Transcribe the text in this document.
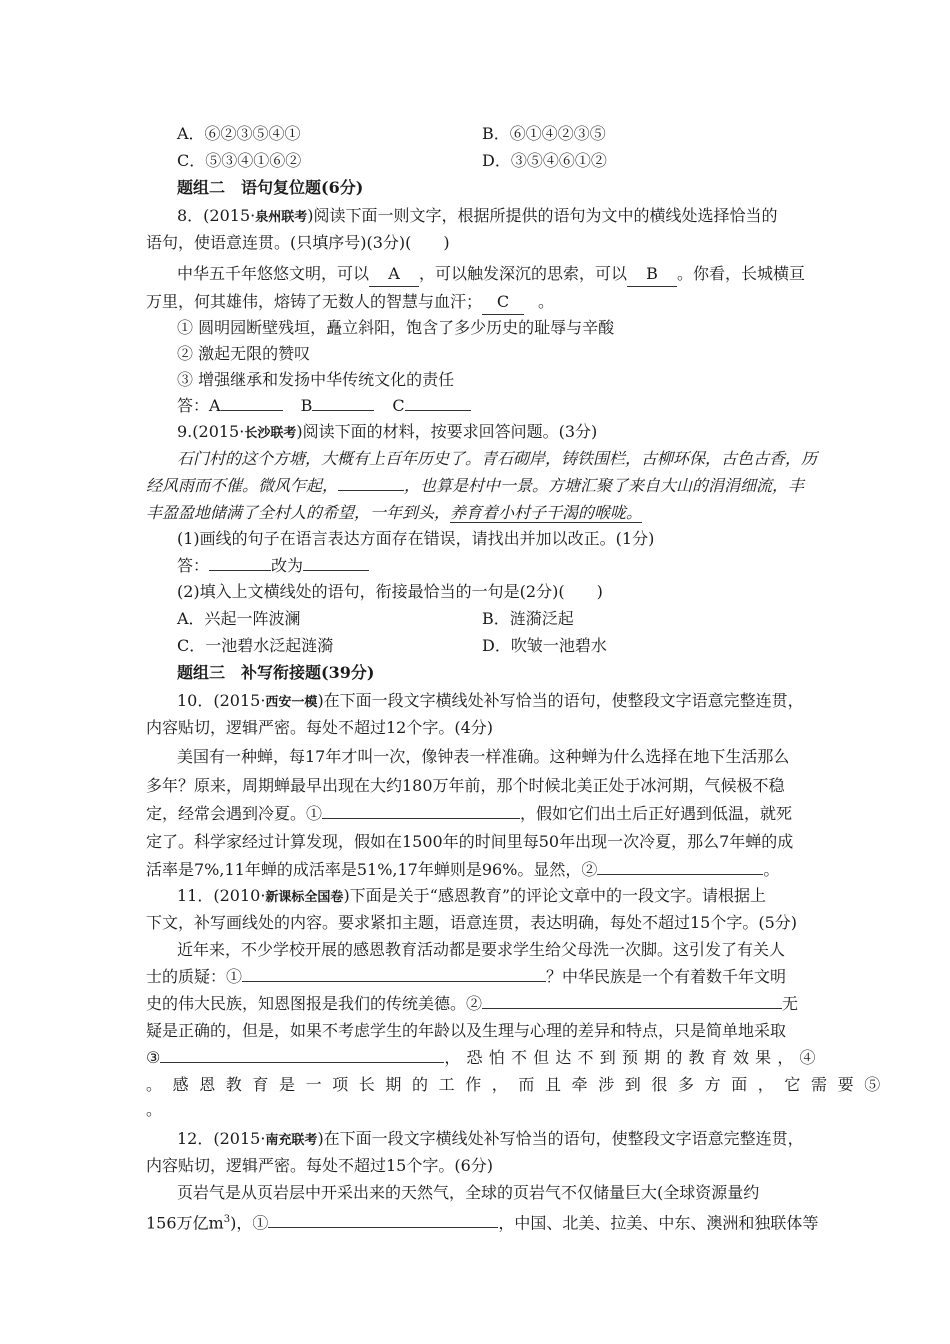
A．⑥②③⑤④①	B．⑥①④②③⑤
C．⑤③④①⑥②	D．③⑤④⑥①②
题组二　语句复位题(6分)
8．(2015·泉州联考)阅读下面一则文字，根据所提供的语句为文中的横线处选择恰当的
语句，使语意连贯。(只填序号)(3分)(　　)
中华五千年悠悠文明，可以 A ，可以触发深沉的思索，可以 B 。你看，长城横亘
万里，何其雄伟，熔铸了无数人的智慧与血汗； C 。
① 圆明园断壁残垣，矗立斜阳，饱含了多少历史的耻辱与辛酸
② 激起无限的赞叹
③ 增强继承和发扬中华传统文化的责任
答：A	B	C
9.(2015·长沙联考)阅读下面的材料，按要求回答问题。(3分)
石门村的这个方塘，大概有上百年历史了。青石砌岸，铸铁围栏，古柳环保，古色古香，历
经风雨而不催。微风乍起，	，也算是村中一景。方塘汇聚了来自大山的涓涓细流，丰
丰盈盈地储满了全村人的希望，一年到头，养育着小村子干渴的喉咙。
(1)画线的句子在语言表达方面存在错误，请找出并加以改正。(1分)
答：	改为
(2)填入上文横线处的语句，衔接最恰当的一句是(2分)(　　)
A．兴起一阵波澜	B．涟漪泛起
C．一池碧水泛起涟漪	D．吹皱一池碧水
题组三　补写衔接题(39分)
10．(2015·西安一模)在下面一段文字横线处补写恰当的语句，使整段文字语意完整连贯，
内容贴切，逻辑严密。每处不超过12个字。(4分)
美国有一种蝉，每17年才叫一次，像钟表一样准确。这种蝉为什么选择在地下生活那么
多年？原来，周期蝉最早出现在大约180万年前，那个时候北美正处于冰河期，气候极不稳
定，经常会遇到冷夏。①	，假如它们出土后正好遇到低温，就死
定了。科学家经过计算发现，假如在1500年的时间里每50年出现一次冷夏，那么7年蝉的成
活率是7%,11年蝉的成活率是51%,17年蝉则是96%。显然，②	。
11．(2010·新课标全国卷)下面是关于“感恩教育”的评论文章中的一段文字。请根据上
下文，补写画线处的内容。要求紧扣主题，语意连贯，表达明确，每处不超过15个字。(5分)
近年来，不少学校开展的感恩教育活动都是要求学生给父母洗一次脚。这引发了有关人
士的质疑：①	？中华民族是一个有着数千年文明
史的伟大民族，知恩图报是我们的传统美德。②	无
疑是正确的，但是，如果不考虑学生的年龄以及生理与心理的差异和特点，只是简单地采取
③	，恐怕不但达不到预期的教育效果，④
。感恩教育是一项长期的工作，而且牵涉到很多方面，它需要⑤
。
12．(2015·南充联考)在下面一段文字横线处补写恰当的语句，使整段文字语意完整连贯，
内容贴切，逻辑严密。每处不超过15个字。(6分)
页岩气是从页岩层中开采出来的天然气，全球的页岩气不仅储量巨大(全球资源量约
156万亿$m^3$)，①	，中国、北美、拉美、中东、澳洲和独联体等
